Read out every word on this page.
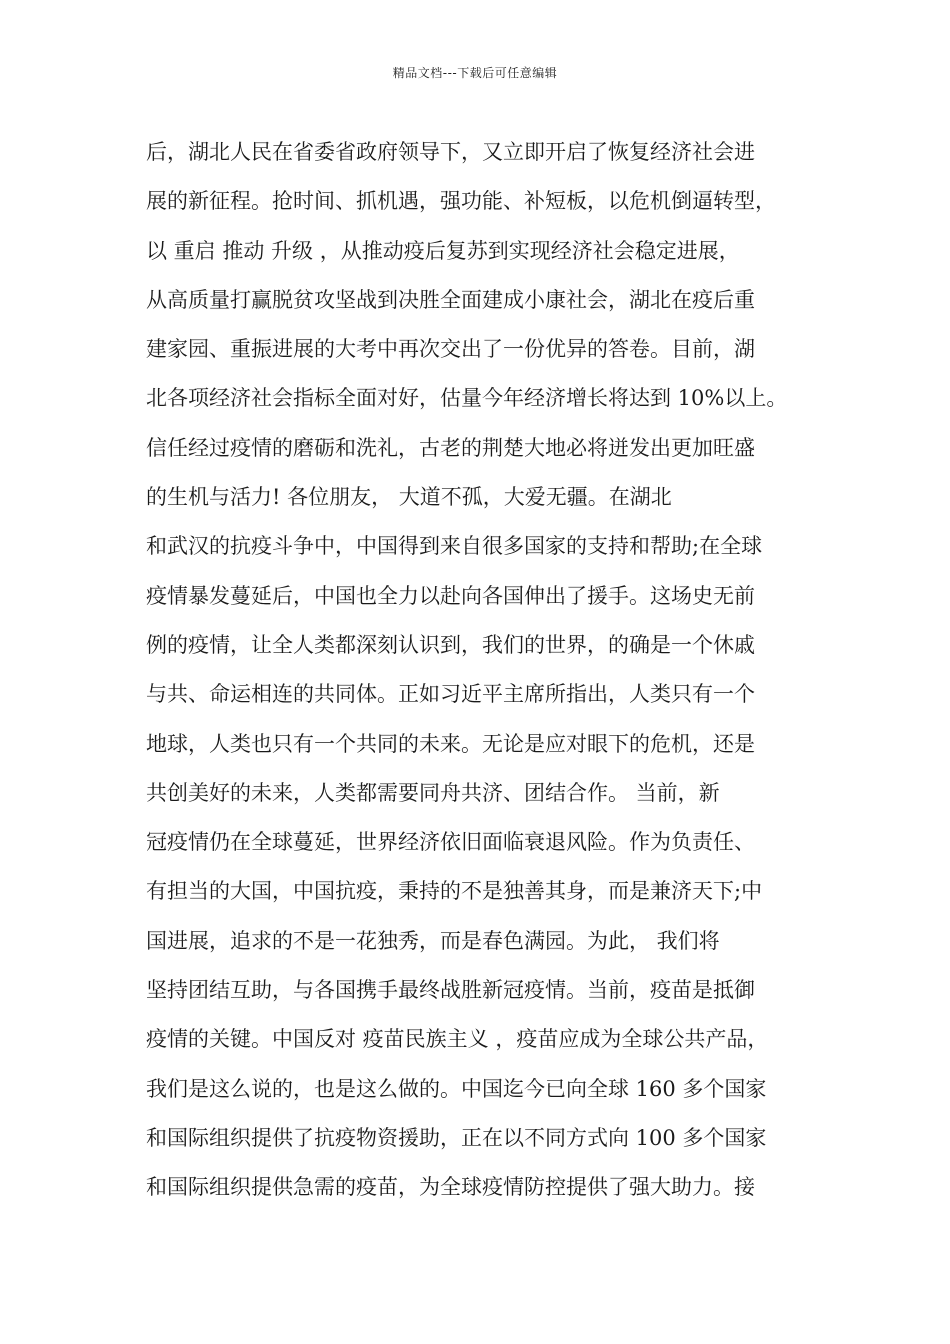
精品文档---下载后可任意编辑
后，湖北人民在省委省政府领导下，又立即开启了恢复经济社会进
展的新征程。抢时间、抓机遇，强功能、补短板，以危机倒逼转型，
以 重启 推动 升级 ，从推动疫后复苏到实现经济社会稳定进展，
从高质量打赢脱贫攻坚战到决胜全面建成小康社会，湖北在疫后重
建家园、重振进展的大考中再次交出了一份优异的答卷。目前，湖
北各项经济社会指标全面对好，估量今年经济增长将达到 10%以上。
信任经过疫情的磨砺和洗礼，古老的荆楚大地必将迸发出更加旺盛
的生机与活力! 各位朋友， 大道不孤，大爱无疆。在湖北
和武汉的抗疫斗争中，中国得到来自很多国家的支持和帮助;在全球
疫情暴发蔓延后，中国也全力以赴向各国伸出了援手。这场史无前
例的疫情，让全人类都深刻认识到，我们的世界，的确是一个休戚
与共、命运相连的共同体。正如习近平主席所指出，人类只有一个
地球，人类也只有一个共同的未来。无论是应对眼下的危机，还是
共创美好的未来，人类都需要同舟共济、团结合作。 当前，新
冠疫情仍在全球蔓延，世界经济依旧面临衰退风险。作为负责任、
有担当的大国，中国抗疫，秉持的不是独善其身，而是兼济天下;中
国进展，追求的不是一花独秀，而是春色满园。为此， 我们将
坚持团结互助，与各国携手最终战胜新冠疫情。当前，疫苗是抵御
疫情的关键。中国反对 疫苗民族主义 ，疫苗应成为全球公共产品，
我们是这么说的，也是这么做的。中国迄今已向全球 160 多个国家
和国际组织提供了抗疫物资援助，正在以不同方式向 100 多个国家
和国际组织提供急需的疫苗，为全球疫情防控提供了强大助力。接
